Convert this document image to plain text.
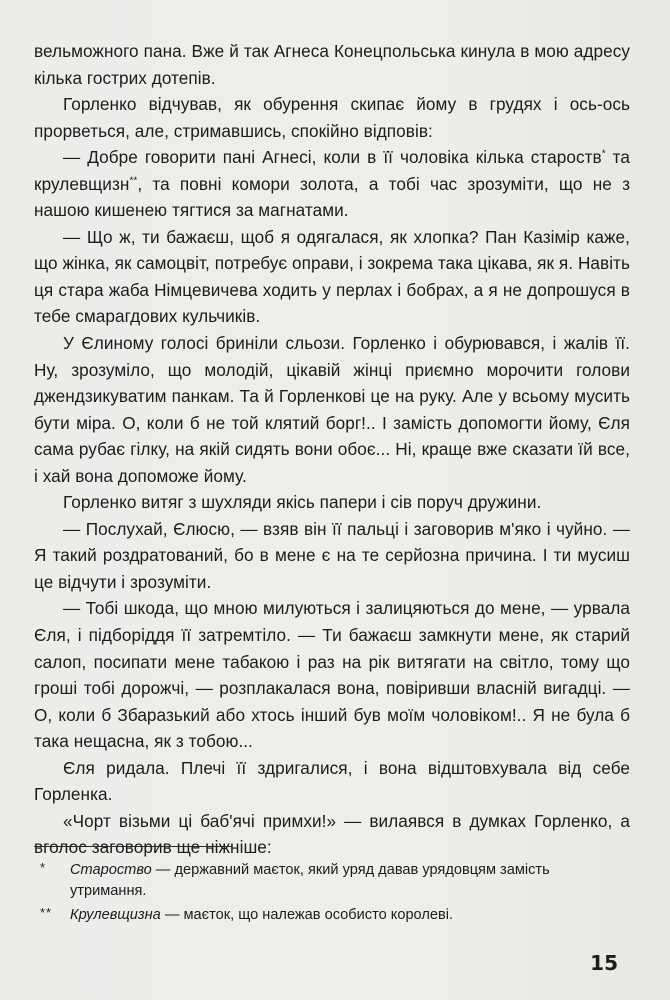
вельможного пана. Вже й так Агнеса Конецпольська кинула в мою адресу кілька гострих дотепів.

Горленко відчував, як обурення скипає йому в грудях і ось-ось прорветься, але, стримавшись, спокійно відповів:

— Добре говорити пані Агнесі, коли в її чоловіка кілька староств* та крулевщизн**, та повні комори золота, а тобі час зрозуміти, що не з нашою кишенею тягтися за магнатами.

— Що ж, ти бажаєш, щоб я одягалася, як хлопка? Пан Казімір каже, що жінка, як самоцвіт, потребує оправи, і зокрема така цікава, як я. Навіть ця стара жаба Німцевичева ходить у перлах і бобрах, а я не допрошуся в тебе смарагдових кульчиків.

У Єлиному голосі бриніли сльози. Горленко і обурювався, і жалів її. Ну, зрозуміло, що молодій, цікавій жінці приємно морочити голови джендзикуватим панкам. Та й Горленкові це на руку. Але у всьому мусить бути міра. О, коли б не той клятий борг!.. І замість допомогти йому, Єля сама рубає гілку, на якій сидять вони обоє... Ні, краще вже сказати їй все, і хай вона допоможе йому.

Горленко витяг з шухляди якісь папери і сів поруч дружини.

— Послухай, Єлюсю, — взяв він її пальці і заговорив м'яко і чуйно. — Я такий роздратований, бо в мене є на те серйозна причина. І ти мусиш це відчути і зрозуміти.

— Тобі шкода, що мною милуються і залицяються до мене, — урвала Єля, і підборіддя її затремтіло. — Ти бажаєш замкнути мене, як старий салоп, посипати мене табакою і раз на рік витягати на світло, тому що гроші тобі дорожчі, — розплакалася вона, повіривши власній вигадці. — О, коли б Збаразький або хтось інший був моїм чоловіком!.. Я не була б така нещасна, як з тобою...

Єля ридала. Плечі її здригалися, і вона відштовхувала від себе Горленка.

«Чорт візьми ці баб'ячі примхи!» — вилаявся в думках Горленко, а вголос заговорив ще ніжніше:

* Староство — державний маєток, який уряд давав урядовцям замість утримання.
** Крулевщизна — маєток, що належав особисто королеві.
15
